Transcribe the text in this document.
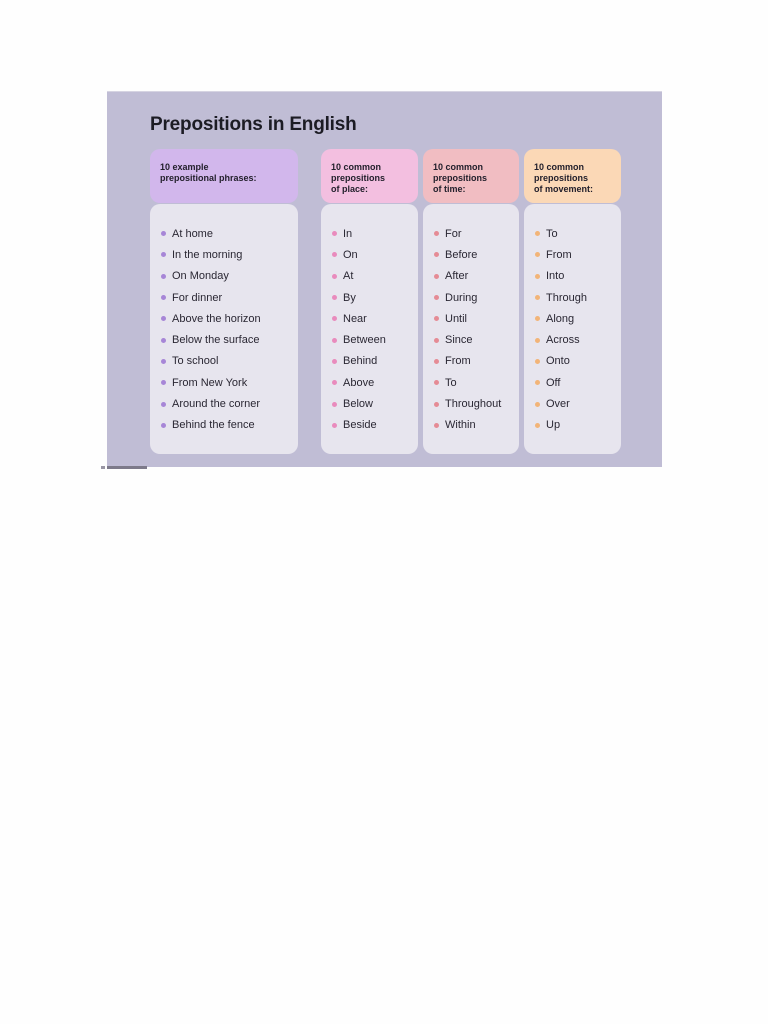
Prepositions in English
10 example
prepositional phrases:
10 common
prepositions
of place:
10 common
prepositions
of time:
10 common
prepositions
of movement:
At home
In the morning
On Monday
For dinner
Above the horizon
Below the surface
To school
From New York
Around the corner
Behind the fence
In
On
At
By
Near
Between
Behind
Above
Below
Beside
For
Before
After
During
Until
Since
From
To
Throughout
Within
To
From
Into
Through
Along
Across
Onto
Off
Over
Up
